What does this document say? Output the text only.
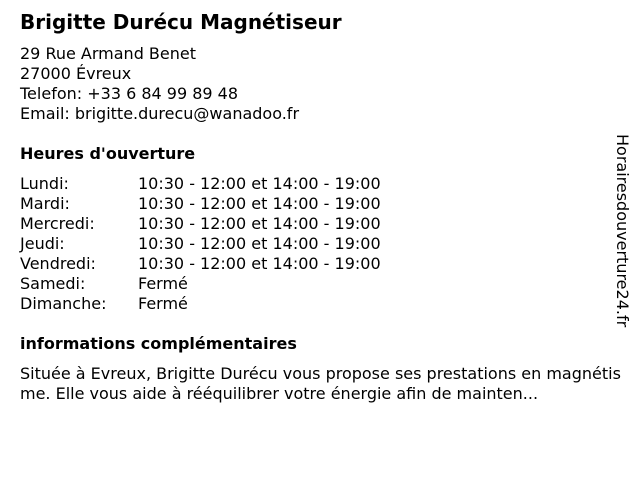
Brigitte Durécu Magnétiseur
29 Rue Armand Benet
27000 Évreux
Telefon: +33 6 84 99 89 48
Email: brigitte.durecu@wanadoo.fr
Heures d'ouverture
Lundi:	10:30 - 12:00 et 14:00 - 19:00
Mardi:	10:30 - 12:00 et 14:00 - 19:00
Mercredi:	10:30 - 12:00 et 14:00 - 19:00
Jeudi:	10:30 - 12:00 et 14:00 - 19:00
Vendredi:	10:30 - 12:00 et 14:00 - 19:00
Samedi:	Fermé
Dimanche:	Fermé
informations complémentaires
Située à Evreux, Brigitte Durécu vous propose ses prestations en magnétisme. Elle vous aide à rééquilibrer votre énergie afin de mainten...
Horairesdouverture24.fr
